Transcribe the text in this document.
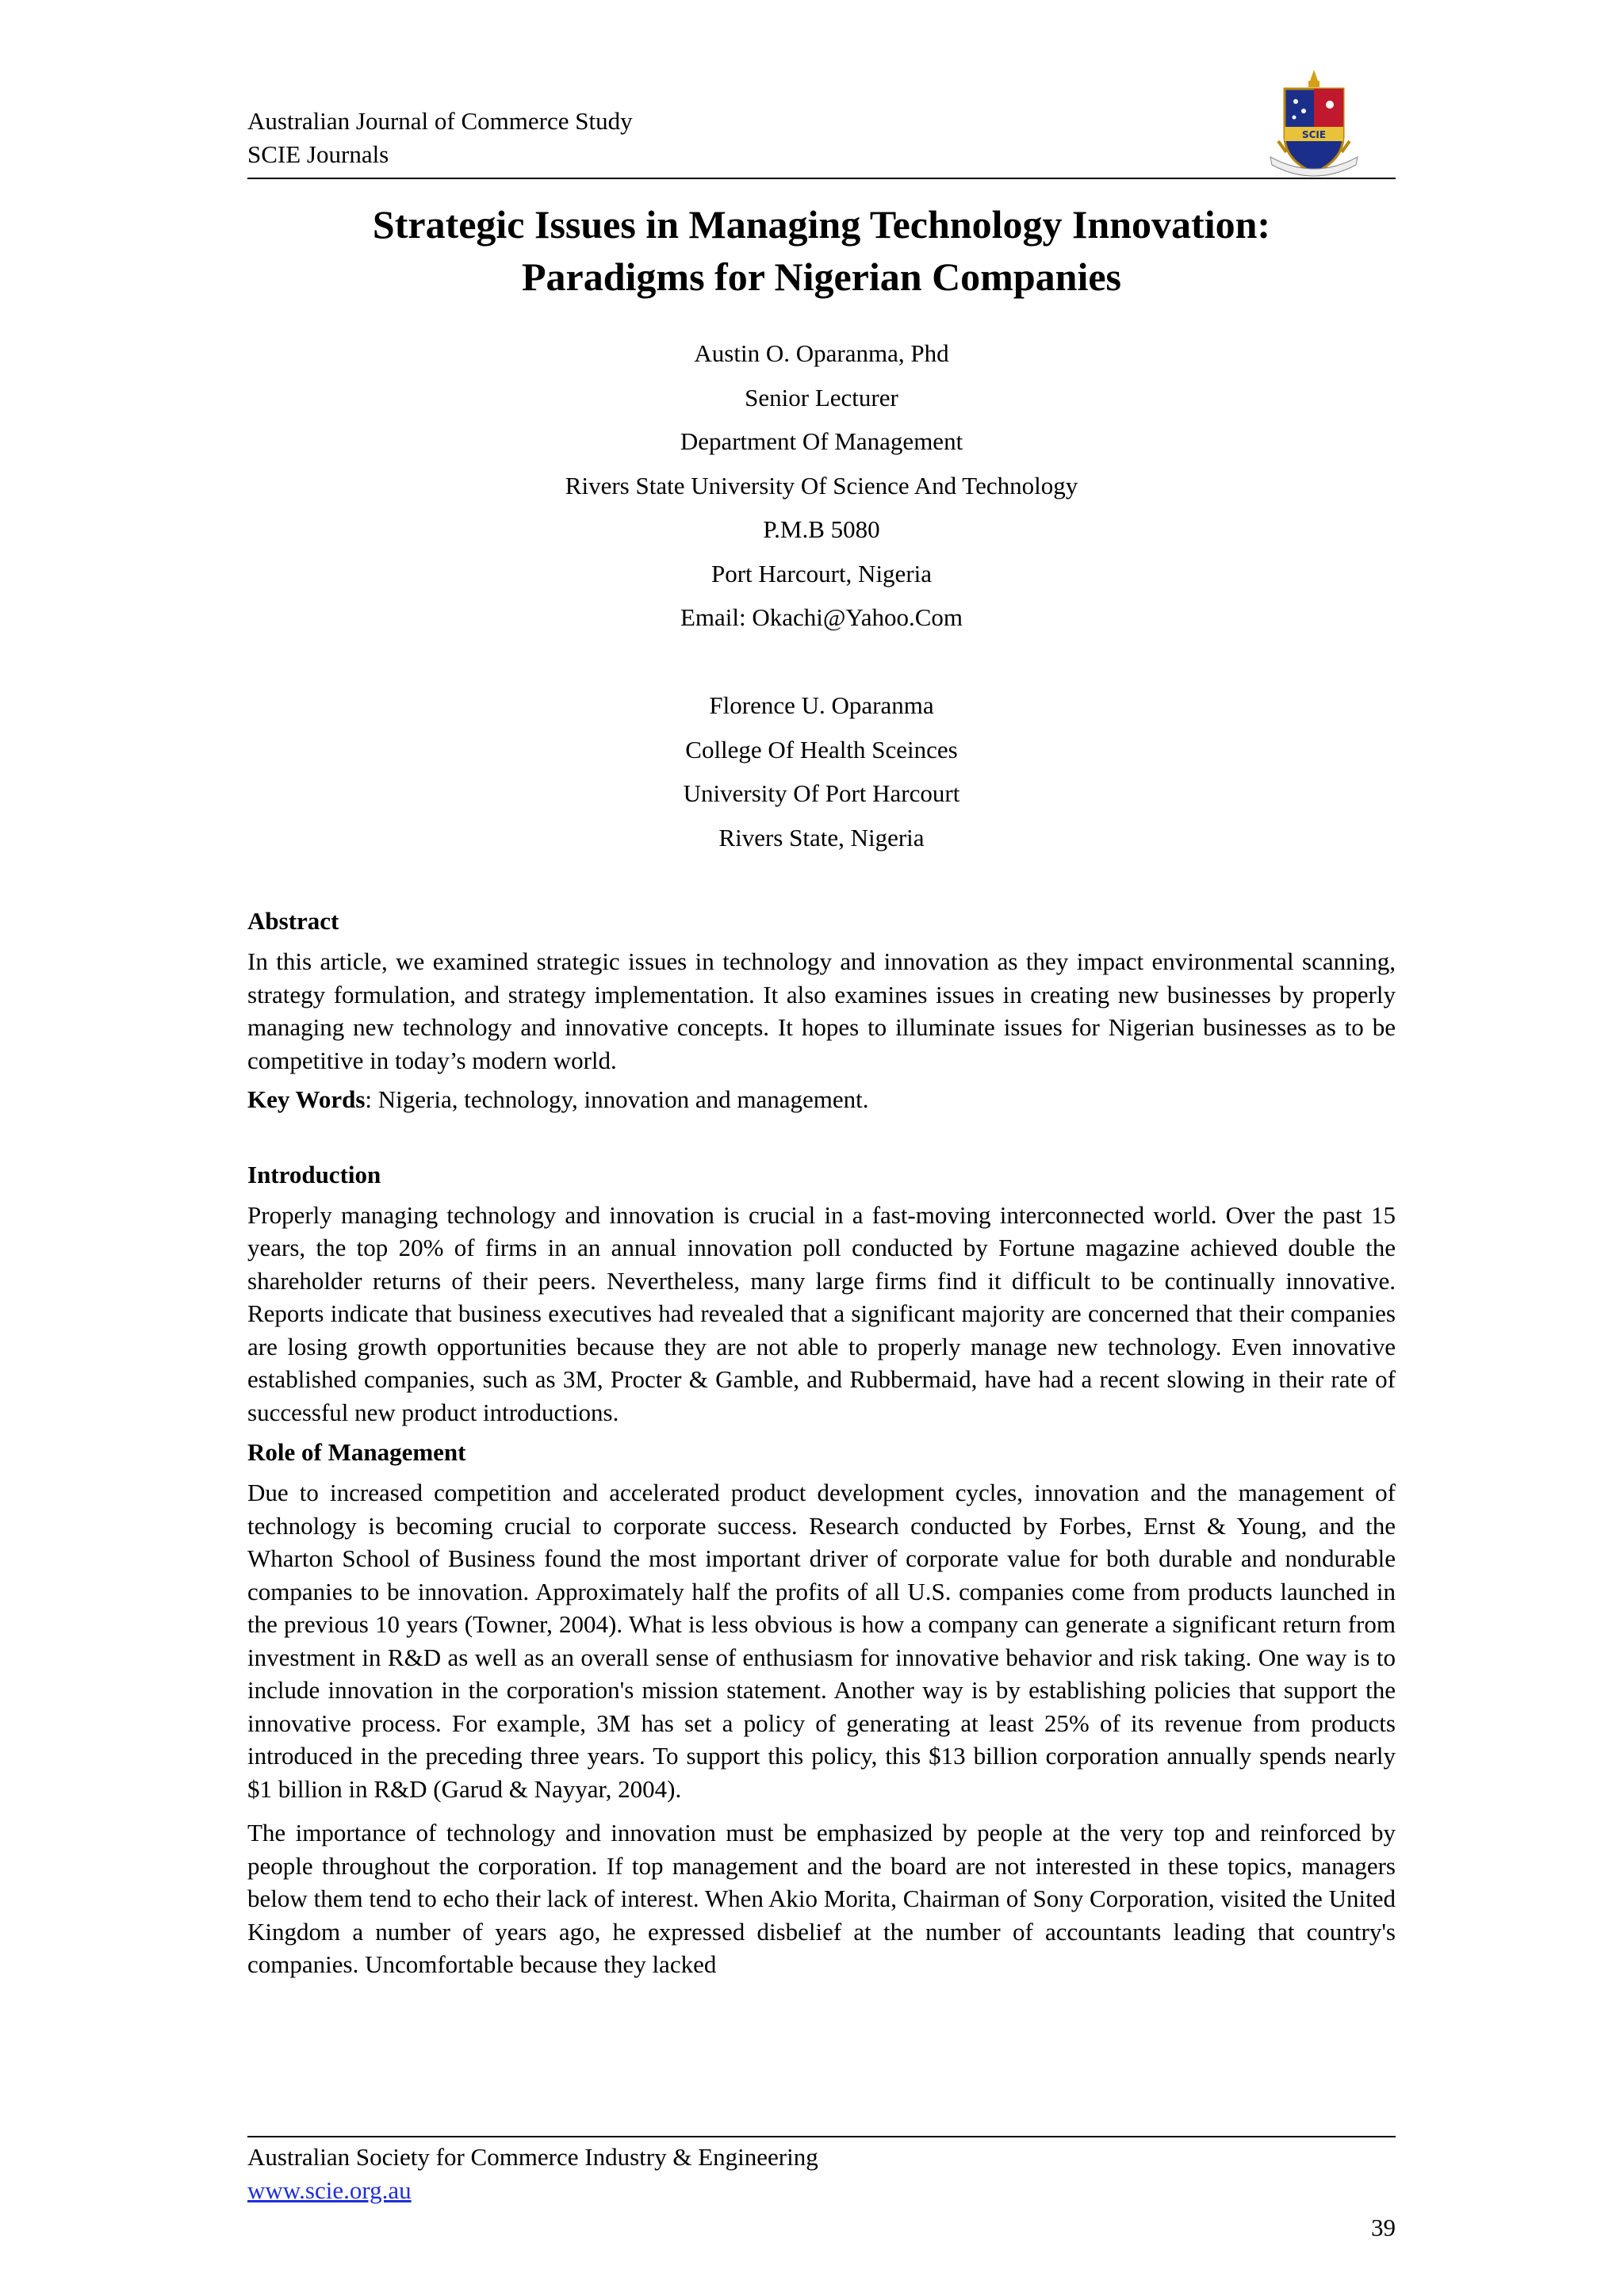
Australian Journal of Commerce Study
SCIE Journals
SCIE
Strategic Issues in Managing Technology Innovation:
Paradigms for Nigerian Companies
Austin O. Oparanma, Phd
Senior Lecturer
Department Of Management
Rivers State University Of Science And Technology
P.M.B 5080
Port Harcourt, Nigeria
Email: Okachi@Yahoo.Com
Florence U. Oparanma
College Of Health Sceinces
University Of Port Harcourt
Rivers State, Nigeria
Abstract

In this article, we examined strategic issues in technology and innovation as they impact environmental scanning, strategy formulation, and strategy implementation. It also examines issues in creating new businesses by properly managing new technology and innovative concepts. It hopes to illuminate issues for Nigerian businesses as to be competitive in today’s modern world.

Key Words: Nigeria, technology, innovation and management.

Introduction

Properly managing technology and innovation is crucial in a fast-moving interconnected world. Over the past 15 years, the top 20% of firms in an annual innovation poll conducted by Fortune magazine achieved double the shareholder returns of their peers. Nevertheless, many large firms find it difficult to be continually innovative. Reports indicate that business executives had revealed that a significant majority are concerned that their companies are losing growth opportunities because they are not able to properly manage new technology. Even innovative established companies, such as 3M, Procter & Gamble, and Rubbermaid, have had a recent slowing in their rate of successful new product introductions.

Role of Management

Due to increased competition and accelerated product development cycles, innovation and the management of technology is becoming crucial to corporate success. Research conducted by Forbes, Ernst & Young, and the Wharton School of Business found the most important driver of corporate value for both durable and nondurable companies to be innovation. Approximately half the profits of all U.S. companies come from products launched in the previous 10 years (Towner, 2004). What is less obvious is how a company can generate a significant return from investment in R&D as well as an overall sense of enthusiasm for innovative behavior and risk taking. One way is to include innovation in the corporation's mission statement. Another way is by establishing policies that support the innovative process. For example, 3M has set a policy of generating at least 25% of its revenue from products introduced in the preceding three years. To support this policy, this $13 billion corporation annually spends nearly $1 billion in R&D (Garud & Nayyar, 2004).

The importance of technology and innovation must be emphasized by people at the very top and reinforced by people throughout the corporation. If top management and the board are not interested in these topics, managers below them tend to echo their lack of interest. When Akio Morita, Chairman of Sony Corporation, visited the United Kingdom a number of years ago, he expressed disbelief at the number of accountants leading that country's companies. Uncomfortable because they lacked

Australian Society for Commerce Industry & Engineering
www.scie.org.au
39
